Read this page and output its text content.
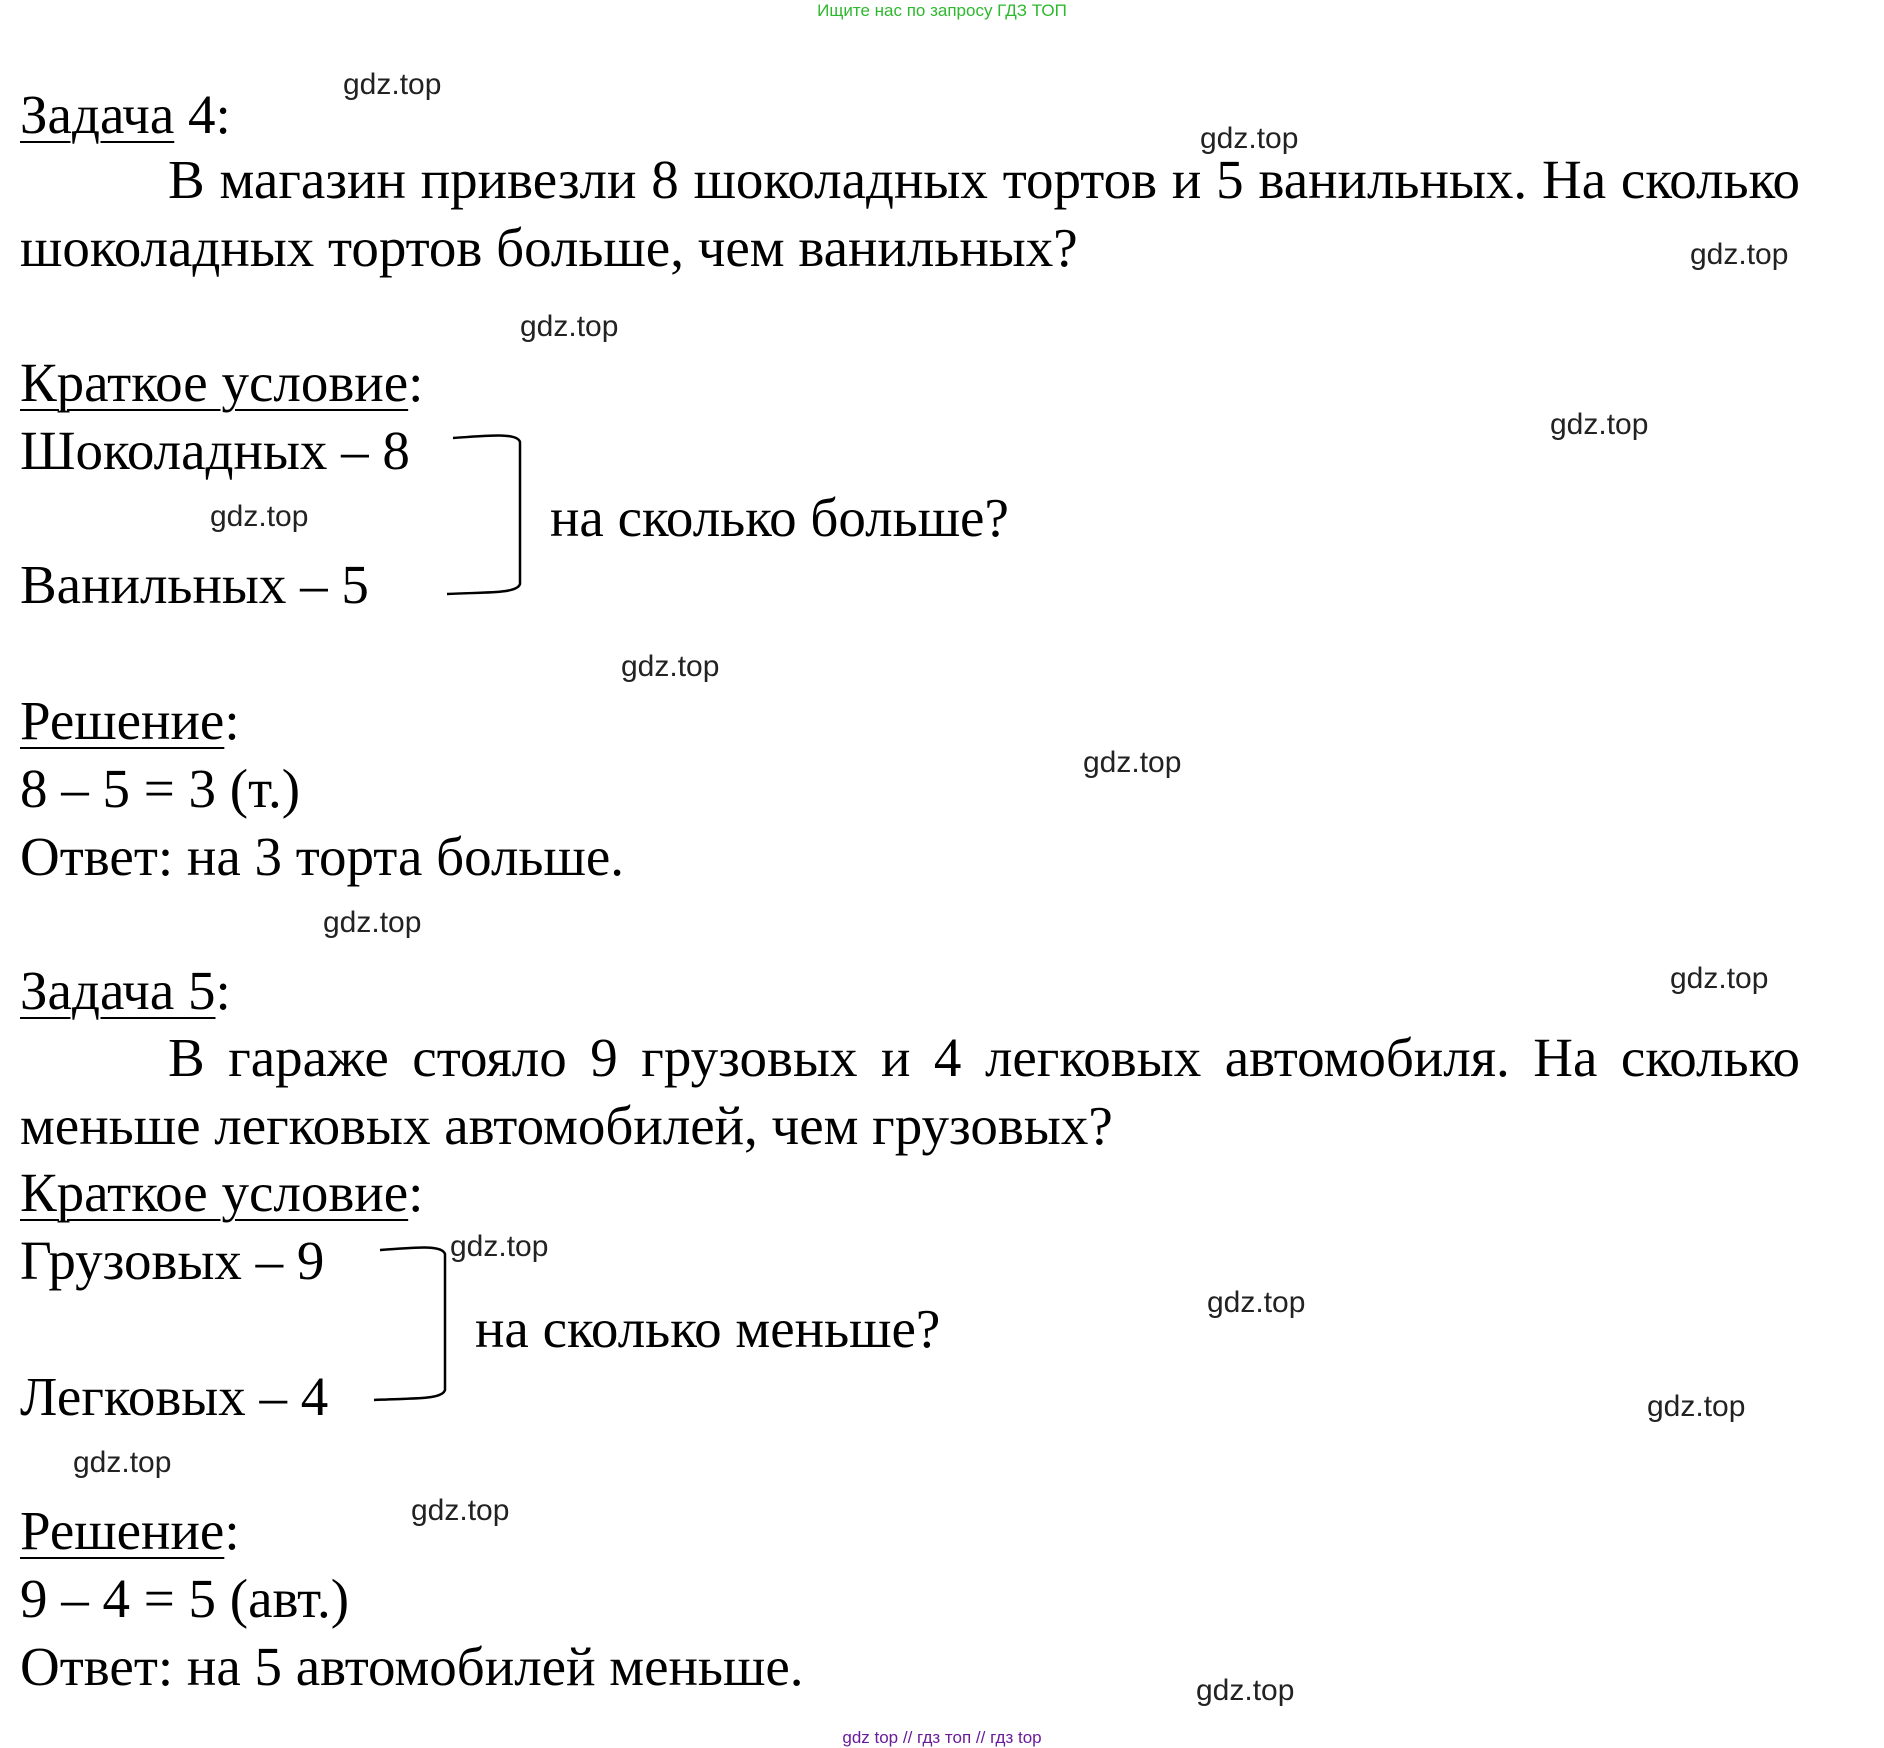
Ищите нас по запросу ГДЗ ТОП
Задача 4:
В магазин привезли 8 шоколадных тортов и 5 ванильных. На сколько шоколадных тортов больше, чем ванильных?
Краткое условие:
Шоколадных – 8
Ванильных – 5
на сколько больше?
Решение:
8 – 5 = 3 (т.)
Ответ: на 3 торта больше.
Задача 5:
В гараже стояло 9 грузовых и 4 легковых автомобиля. На сколько меньше легковых автомобилей, чем грузовых?
Краткое условие:
Грузовых – 9
Легковых – 4
на сколько меньше?
Решение:
9 – 4 = 5 (авт.)
Ответ: на 5 автомобилей меньше.
gdz.top
gdz.top
gdz.top
gdz.top
gdz.top
gdz.top
gdz.top
gdz.top
gdz.top
gdz.top
gdz.top
gdz.top
gdz.top
gdz.top
gdz.top
gdz.top
gdz top // гдз топ // гдз top
